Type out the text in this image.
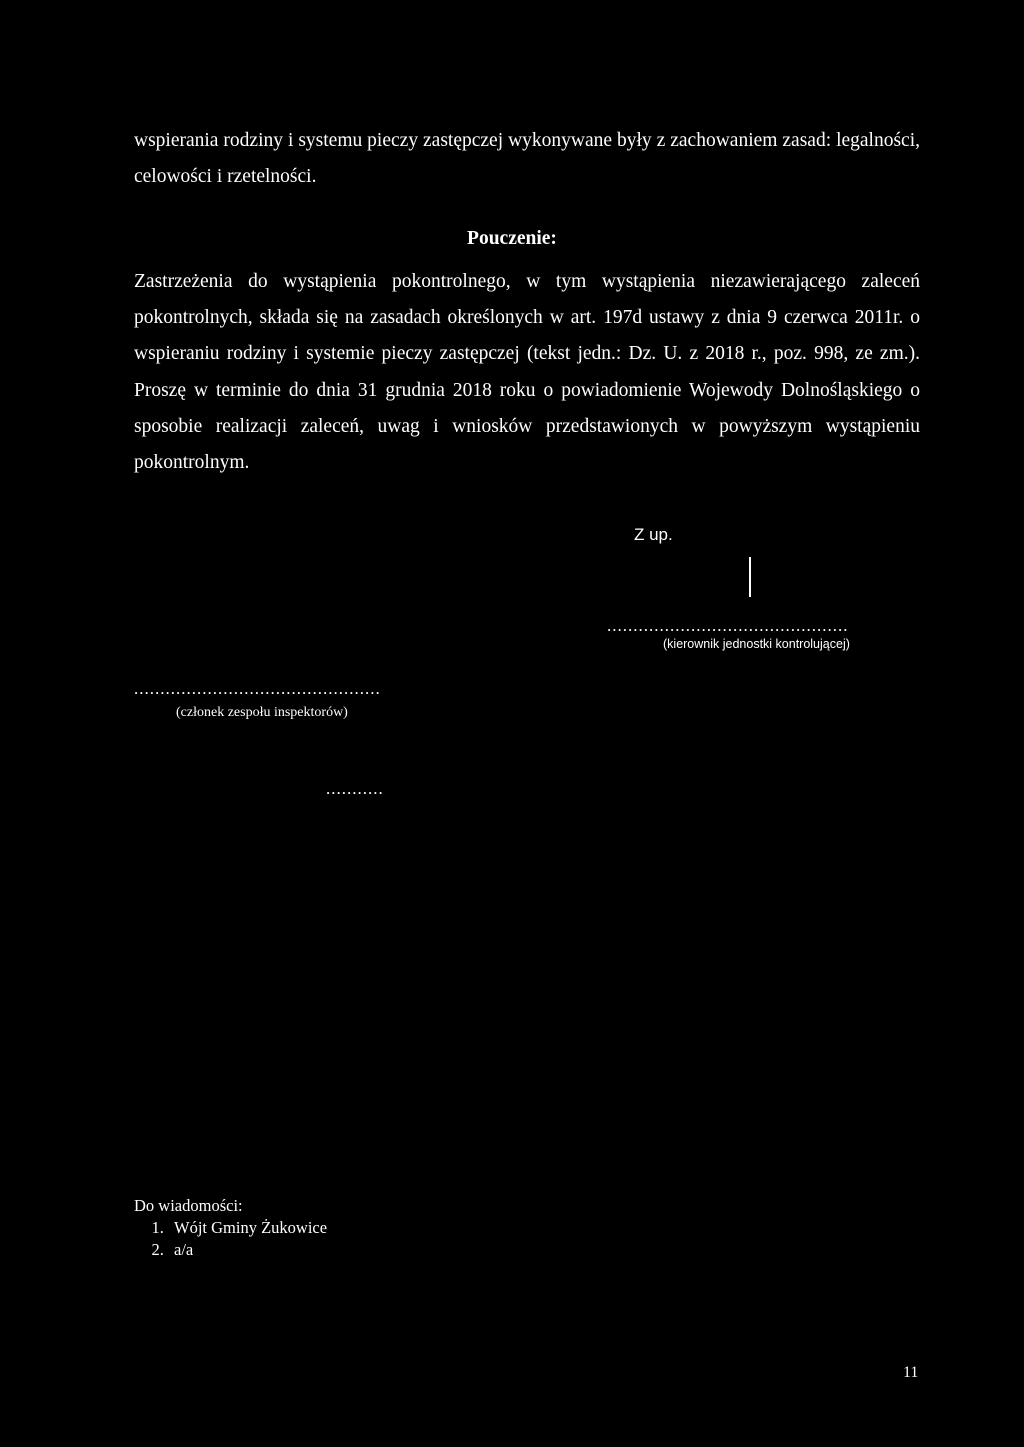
wspierania rodziny i systemu pieczy zastępczej wykonywane były z zachowaniem zasad: legalności, celowości i rzetelności.

Pouczenie:

Zastrzeżenia do wystąpienia pokontrolnego, w tym wystąpienia niezawierającego zaleceń pokontrolnych, składa się na zasadach określonych w art. 197d ustawy z dnia 9 czerwca 2011r. o wspieraniu rodziny i systemie pieczy zastępczej (tekst jedn.: Dz. U. z 2018 r., poz. 998, ze zm.). Proszę w terminie do dnia 31 grudnia 2018 roku o powiadomienie Wojewody Dolnośląskiego o sposobie realizacji zaleceń, uwag i wniosków przedstawionych w powyższym wystąpieniu pokontrolnym.

Z up.
..............................................
(kierownik jednostki kontrolującej)
...............................................
(członek zespołu inspektorów)
...........
Do wiadomości:
1. Wójt Gminy Żukowice
2. a/a
11
